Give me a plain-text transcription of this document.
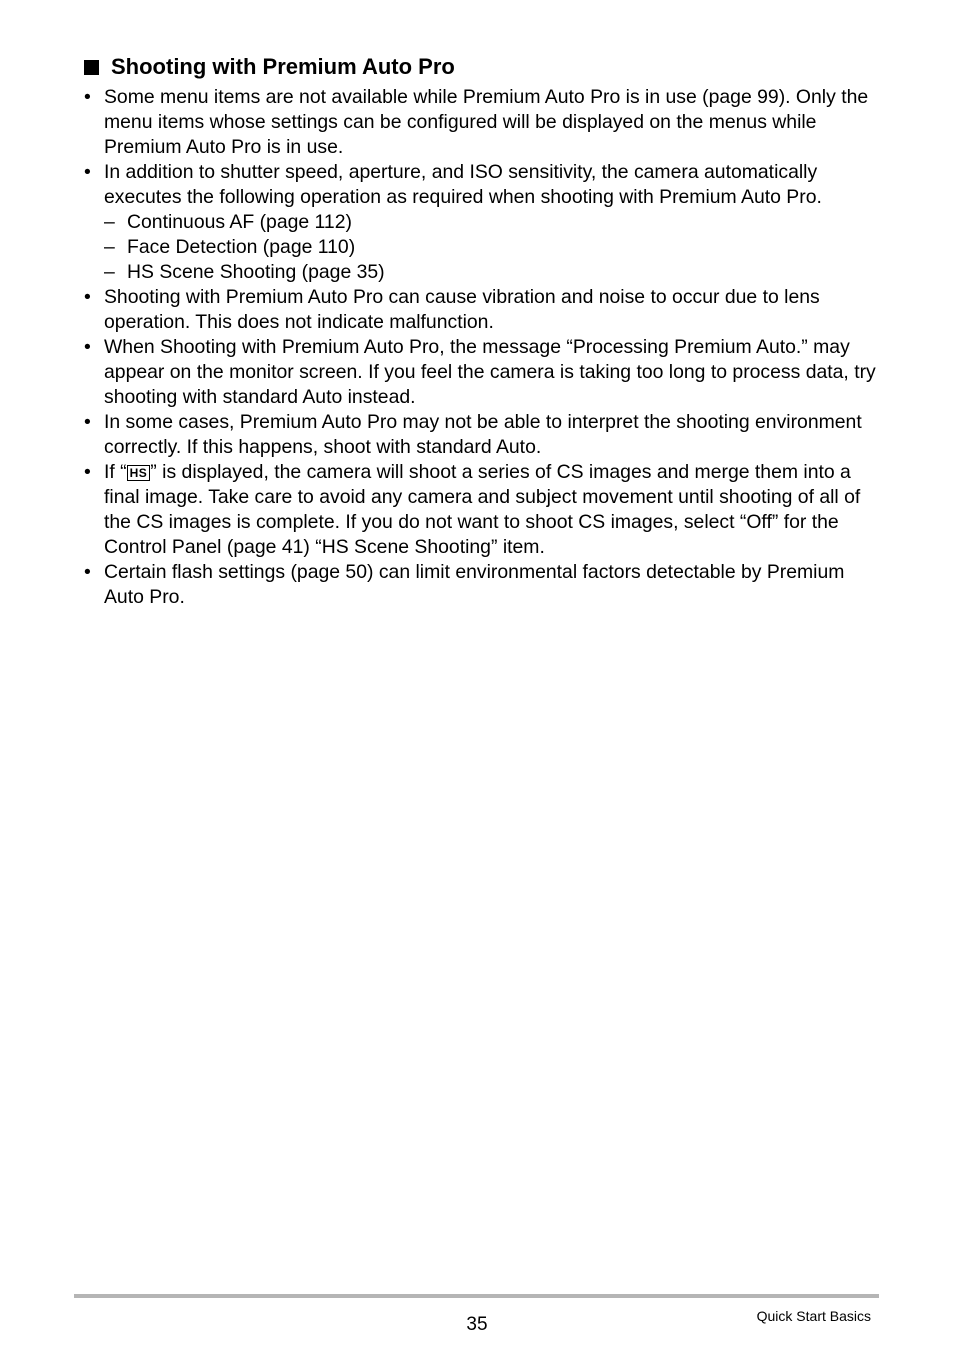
Shooting with Premium Auto Pro
• Some menu items are not available while Premium Auto Pro is in use (page 99). Only the menu items whose settings can be configured will be displayed on the menus while Premium Auto Pro is in use.
• In addition to shutter speed, aperture, and ISO sensitivity, the camera automatically executes the following operation as required when shooting with Premium Auto Pro.
– Continuous AF (page 112)
– Face Detection (page 110)
– HS Scene Shooting (page 35)
• Shooting with Premium Auto Pro can cause vibration and noise to occur due to lens operation. This does not indicate malfunction.
• When Shooting with Premium Auto Pro, the message “Processing Premium Auto.” may appear on the monitor screen. If you feel the camera is taking too long to process data, try shooting with standard Auto instead.
• In some cases, Premium Auto Pro may not be able to interpret the shooting environment correctly. If this happens, shoot with standard Auto.
• If “ HS ” is displayed, the camera will shoot a series of CS images and merge them into a final image. Take care to avoid any camera and subject movement until shooting of all of the CS images is complete. If you do not want to shoot CS images, select “Off” for the Control Panel (page 41) “HS Scene Shooting” item.
• Certain flash settings (page 50) can limit environmental factors detectable by Premium Auto Pro.
35	Quick Start Basics
